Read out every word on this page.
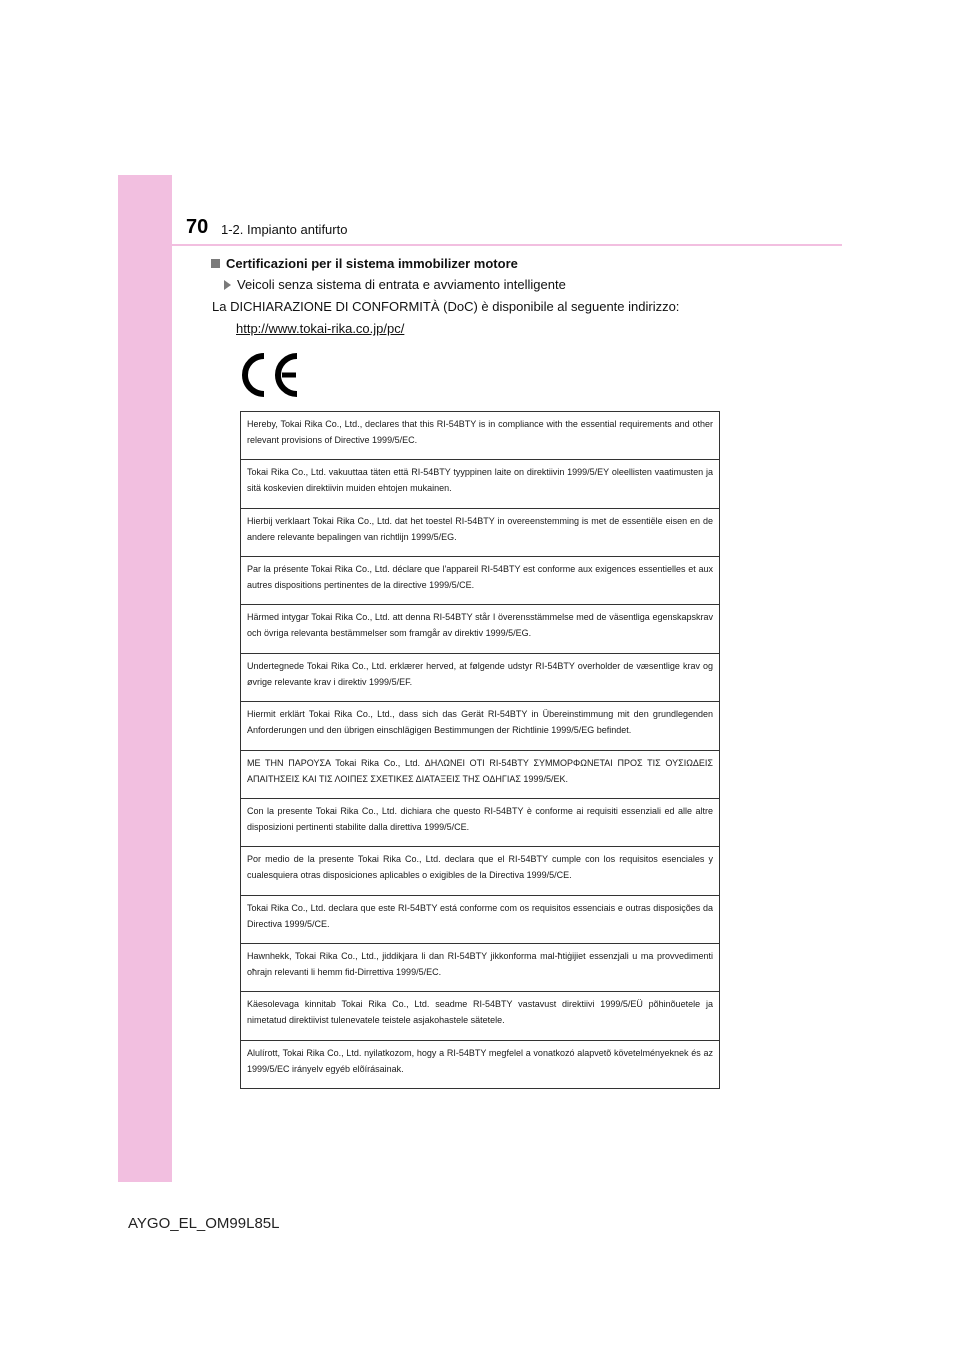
70 1-2. Impianto antifurto
Certificazioni per il sistema immobilizer motore
Veicoli senza sistema di entrata e avviamento intelligente
La DICHIARAZIONE DI CONFORMITÀ (DoC) è disponibile al seguente indirizzo:
http://www.tokai-rika.co.jp/pc/
Hereby, Tokai Rika Co., Ltd., declares that this RI-54BTY is in compliance with the essential requirements and other relevant provisions of Directive 1999/5/EC.
Tokai Rika Co., Ltd. vakuuttaa täten että RI-54BTY tyyppinen laite on direktiivin 1999/5/EY oleellisten vaatimusten ja sitä koskevien direktiivin muiden ehtojen mukainen.
Hierbij verklaart Tokai Rika Co., Ltd. dat het toestel RI-54BTY in overeenstemming is met de essentiële eisen en de andere relevante bepalingen van richtlijn 1999/5/EG.
Par la présente Tokai Rika Co., Ltd. déclare que l'appareil RI-54BTY est conforme aux exigences essentielles et aux autres dispositions pertinentes de la directive 1999/5/CE.
Härmed intygar Tokai Rika Co., Ltd. att denna RI-54BTY står I överensstämmelse med de väsentliga egenskapskrav och övriga relevanta bestämmelser som framgår av direktiv 1999/5/EG.
Undertegnede Tokai Rika Co., Ltd. erklærer herved, at følgende udstyr RI-54BTY overholder de væsentlige krav og øvrige relevante krav i direktiv 1999/5/EF.
Hiermit erklärt Tokai Rika Co., Ltd., dass sich das Gerät RI-54BTY in Übereinstimmung mit den grundlegenden Anforderungen und den übrigen einschlägigen Bestimmungen der Richtlinie 1999/5/EG befindet.
ΜΕ ΤΗΝ ΠΑΡΟΥΣΑ Tokai Rika Co., Ltd. ΔΗΛΩΝΕΙ ΟΤΙ RI-54BTY ΣΥΜΜΟΡΦΩΝΕΤΑΙ ΠΡΟΣ ΤΙΣ ΟΥΣΙΩΔΕΙΣ ΑΠΑΙΤΗΣΕΙΣ ΚΑΙ ΤΙΣ ΛΟΙΠΕΣ ΣΧΕΤΙΚΕΣ ΔΙΑΤΑΞΕΙΣ ΤΗΣ ΟΔΗΓΙΑΣ 1999/5/ΕΚ.
Con la presente Tokai Rika Co., Ltd. dichiara che questo RI-54BTY è conforme ai requisiti essenziali ed alle altre disposizioni pertinenti stabilite dalla direttiva 1999/5/CE.
Por medio de la presente Tokai Rika Co., Ltd. declara que el RI-54BTY cumple con los requisitos esenciales y cualesquiera otras disposiciones aplicables o exigibles de la Directiva 1999/5/CE.
Tokai Rika Co., Ltd. declara que este RI-54BTY está conforme com os requisitos essenciais e outras disposições da Directiva 1999/5/CE.
Hawnhekk, Tokai Rika Co., Ltd., jiddikjara li dan RI-54BTY jikkonforma mal-ħtiġijiet essenzjali u ma provvedimenti oħrajn relevanti li hemm fid-Dirrettiva 1999/5/EC.
Käesolevaga kinnitab Tokai Rika Co., Ltd. seadme RI-54BTY vastavust direktiivi 1999/5/EÜ põhinõuetele ja nimetatud direktiivist tulenevatele teistele asjakohastele sätetele.
Alulírott, Tokai Rika Co., Ltd. nyilatkozom, hogy a RI-54BTY megfelel a vonatkozó alapvetõ követelményeknek és az 1999/5/EC irányelv egyéb elõírásainak.
AYGO_EL_OM99L85L
